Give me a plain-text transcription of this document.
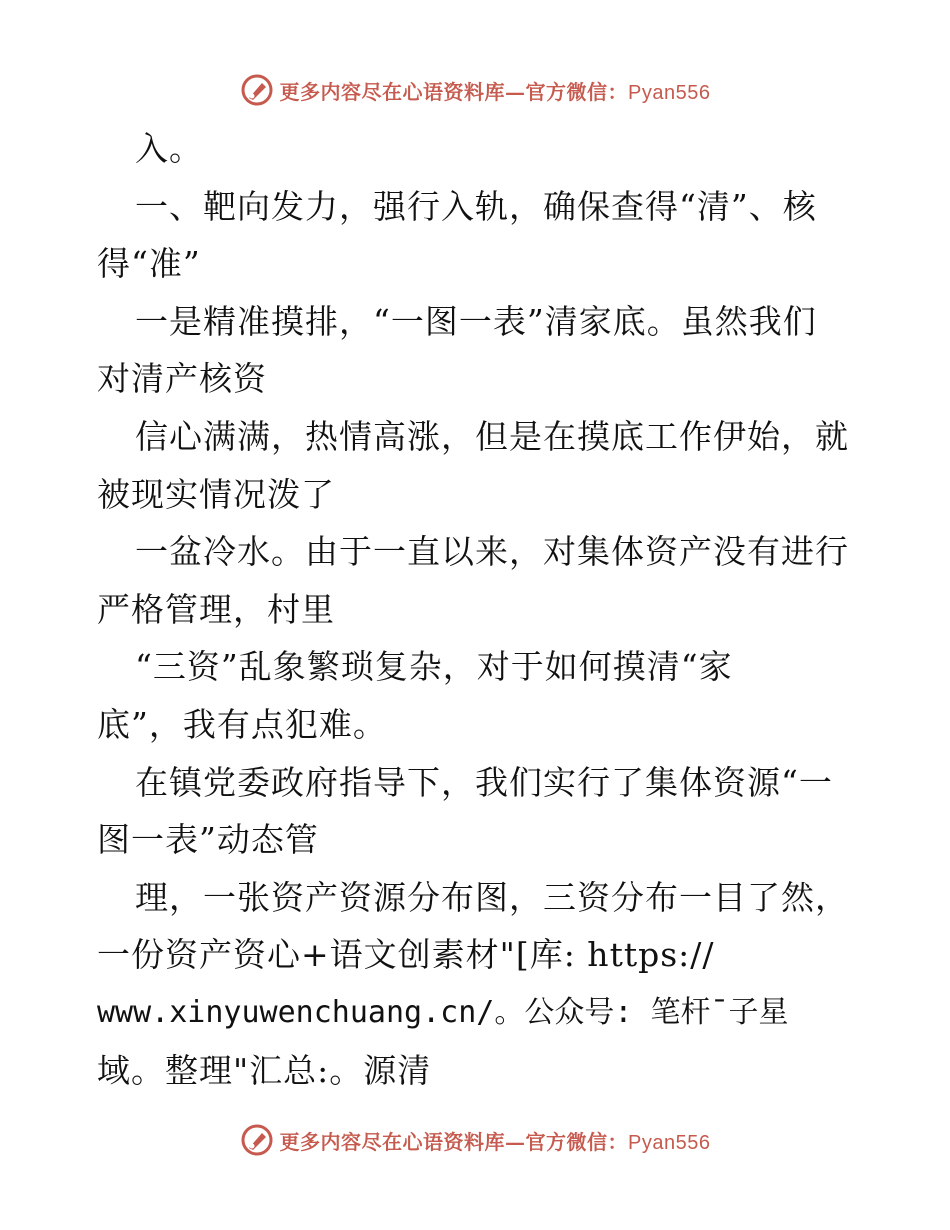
更多内容尽在心语资料库—官方微信：Pyan556
入。
一、靶向发力，强行入轨，确保查得“清”、核
得“准”
一是精准摸排，“一图一表”清家底。虽然我们
对清产核资
信心满满，热情高涨，但是在摸底工作伊始，就
被现实情况泼了
一盆冷水。由于一直以来，对集体资产没有进行
严格管理，村里
“三资”乱象繁琐复杂，对于如何摸清“家
底”，我有点犯难。
在镇党委政府指导下，我们实行了集体资源“一
图一表”动态管
理，一张资产资源分布图，三资分布一目了然，
一份资产资心+语文创素材"[库: https://
www.xinyuwenchuang.cn/。公众号: 笔杆¯子星
域。整理"汇总:。源清
更多内容尽在心语资料库—官方微信：Pyan556
